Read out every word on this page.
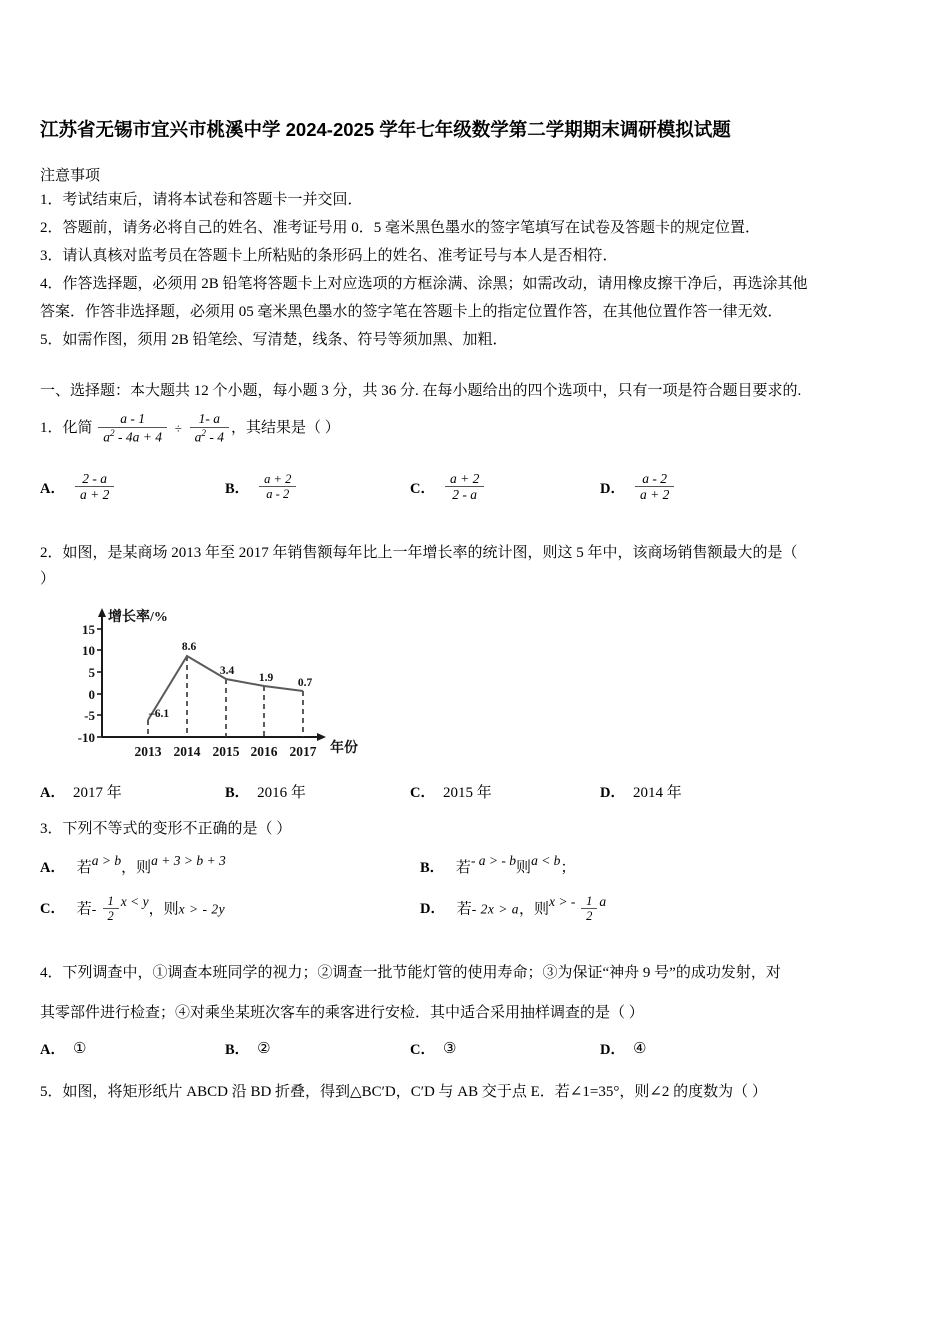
江苏省无锡市宜兴市桃溪中学 2024-2025 学年七年级数学第二学期期末调研模拟试题
注意事项
1．考试结束后，请将本试卷和答题卡一并交回．
2．答题前，请务必将自己的姓名、准考证号用 0．5 毫米黑色墨水的签字笔填写在试卷及答题卡的规定位置．
3．请认真核对监考员在答题卡上所粘贴的条形码上的姓名、准考证号与本人是否相符．
4．作答选择题，必须用 2B 铅笔将答题卡上对应选项的方框涂满、涂黑；如需改动，请用橡皮擦干净后，再选涂其他
答案．作答非选择题，必须用 05 毫米黑色墨水的签字笔在答题卡上的指定位置作答，在其他位置作答一律无效．
5．如需作图，须用 2B 铅笔绘、写清楚，线条、符号等须加黑、加粗．
一、选择题：本大题共 12 个小题，每小题 3 分，共 36 分. 在每小题给出的四个选项中，只有一项是符合题目要求的.
1．化简 $\frac{a - 1}{a^2 - 4a + 4} \div \frac{1- a}{a^2 - 4}$ ，其结果是（ ）
A． $\frac{2 - a}{a + 2}$	B． $\frac{a + 2}{a - 2}$	C． $\frac{a + 2}{2 - a}$	D． $\frac{a - 2}{a + 2}$
2．如图，是某商场 2013 年至 2017 年销售额每年比上一年增长率的统计图，则这 5 年中，该商场销售额最大的是（
）
15
10
5
0
-5
-10
增长率/%
–6.1
8.6
3.4
1.9 0.7
2013 2014 2015 2016 2017 年份
A． 2017 年	B． 2016 年	C． 2015 年	D． 2014 年
3．下列不等式的变形不正确的是（ ）
A． 若a > b，则a + 3 > b + 3	B． 若- a > - b则a < b；
C． 若- $\frac{1}{2}$ x < y，则x > - 2y	D． 若- 2x > a，则x > - $\frac{1}{2}$ a
4．下列调查中，①调查本班同学的视力；②调查一批节能灯管的使用寿命；③为保证“神舟 9 号”的成功发射，对
其零部件进行检查；④对乘坐某班次客车的乘客进行安检．其中适合采用抽样调查的是（ ）
A． ①	B． ②	C． ③	D． ④
5．如图，将矩形纸片 ABCD 沿 BD 折叠，得到△BC′D，C′D 与 AB 交于点 E．若∠1=35°，则∠2 的度数为（ ）
